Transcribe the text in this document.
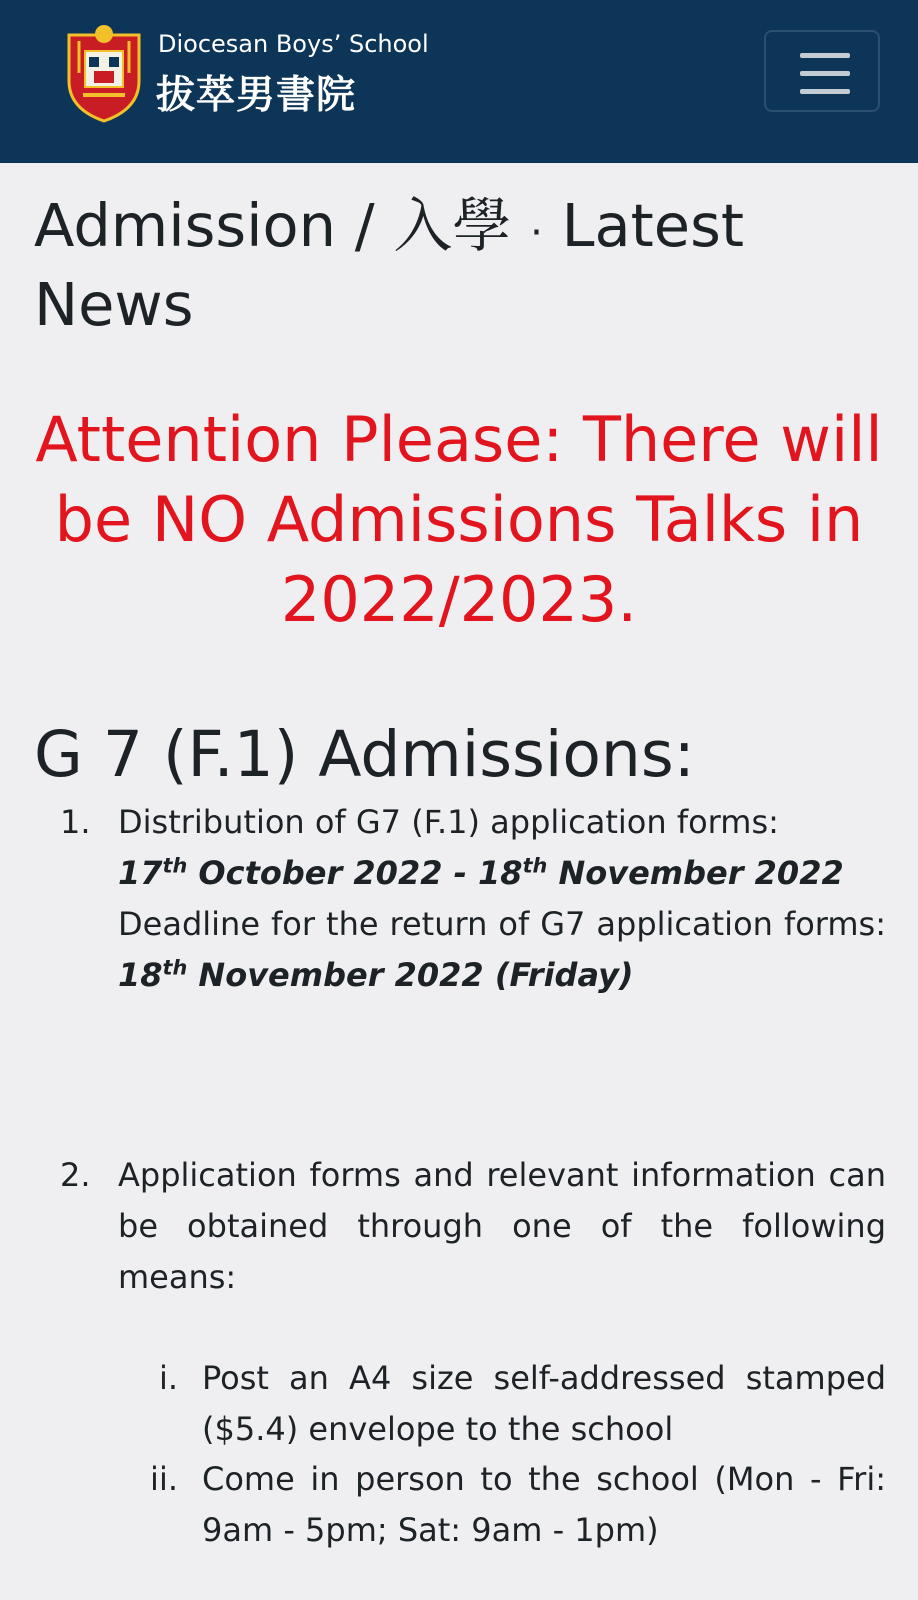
Diocesan Boys’ School
拔萃男書院
Admission / 入學 · Latest News

Attention Please: There will be NO Admissions Talks in 2022/2023.

G 7 (F.1) Admissions:
1. Distribution of G7 (F.1) application forms:
17th October 2022 - 18th November 2022
Deadline for the return of G7 application forms: 18th November 2022 (Friday)
2. Application forms and relevant information can be obtained through one of the following means:
i. Post an A4 size self-addressed stamped ($5.4) envelope to the school
ii. Come in person to the school (Mon - Fri: 9am - 5pm; Sat: 9am - 1pm)
